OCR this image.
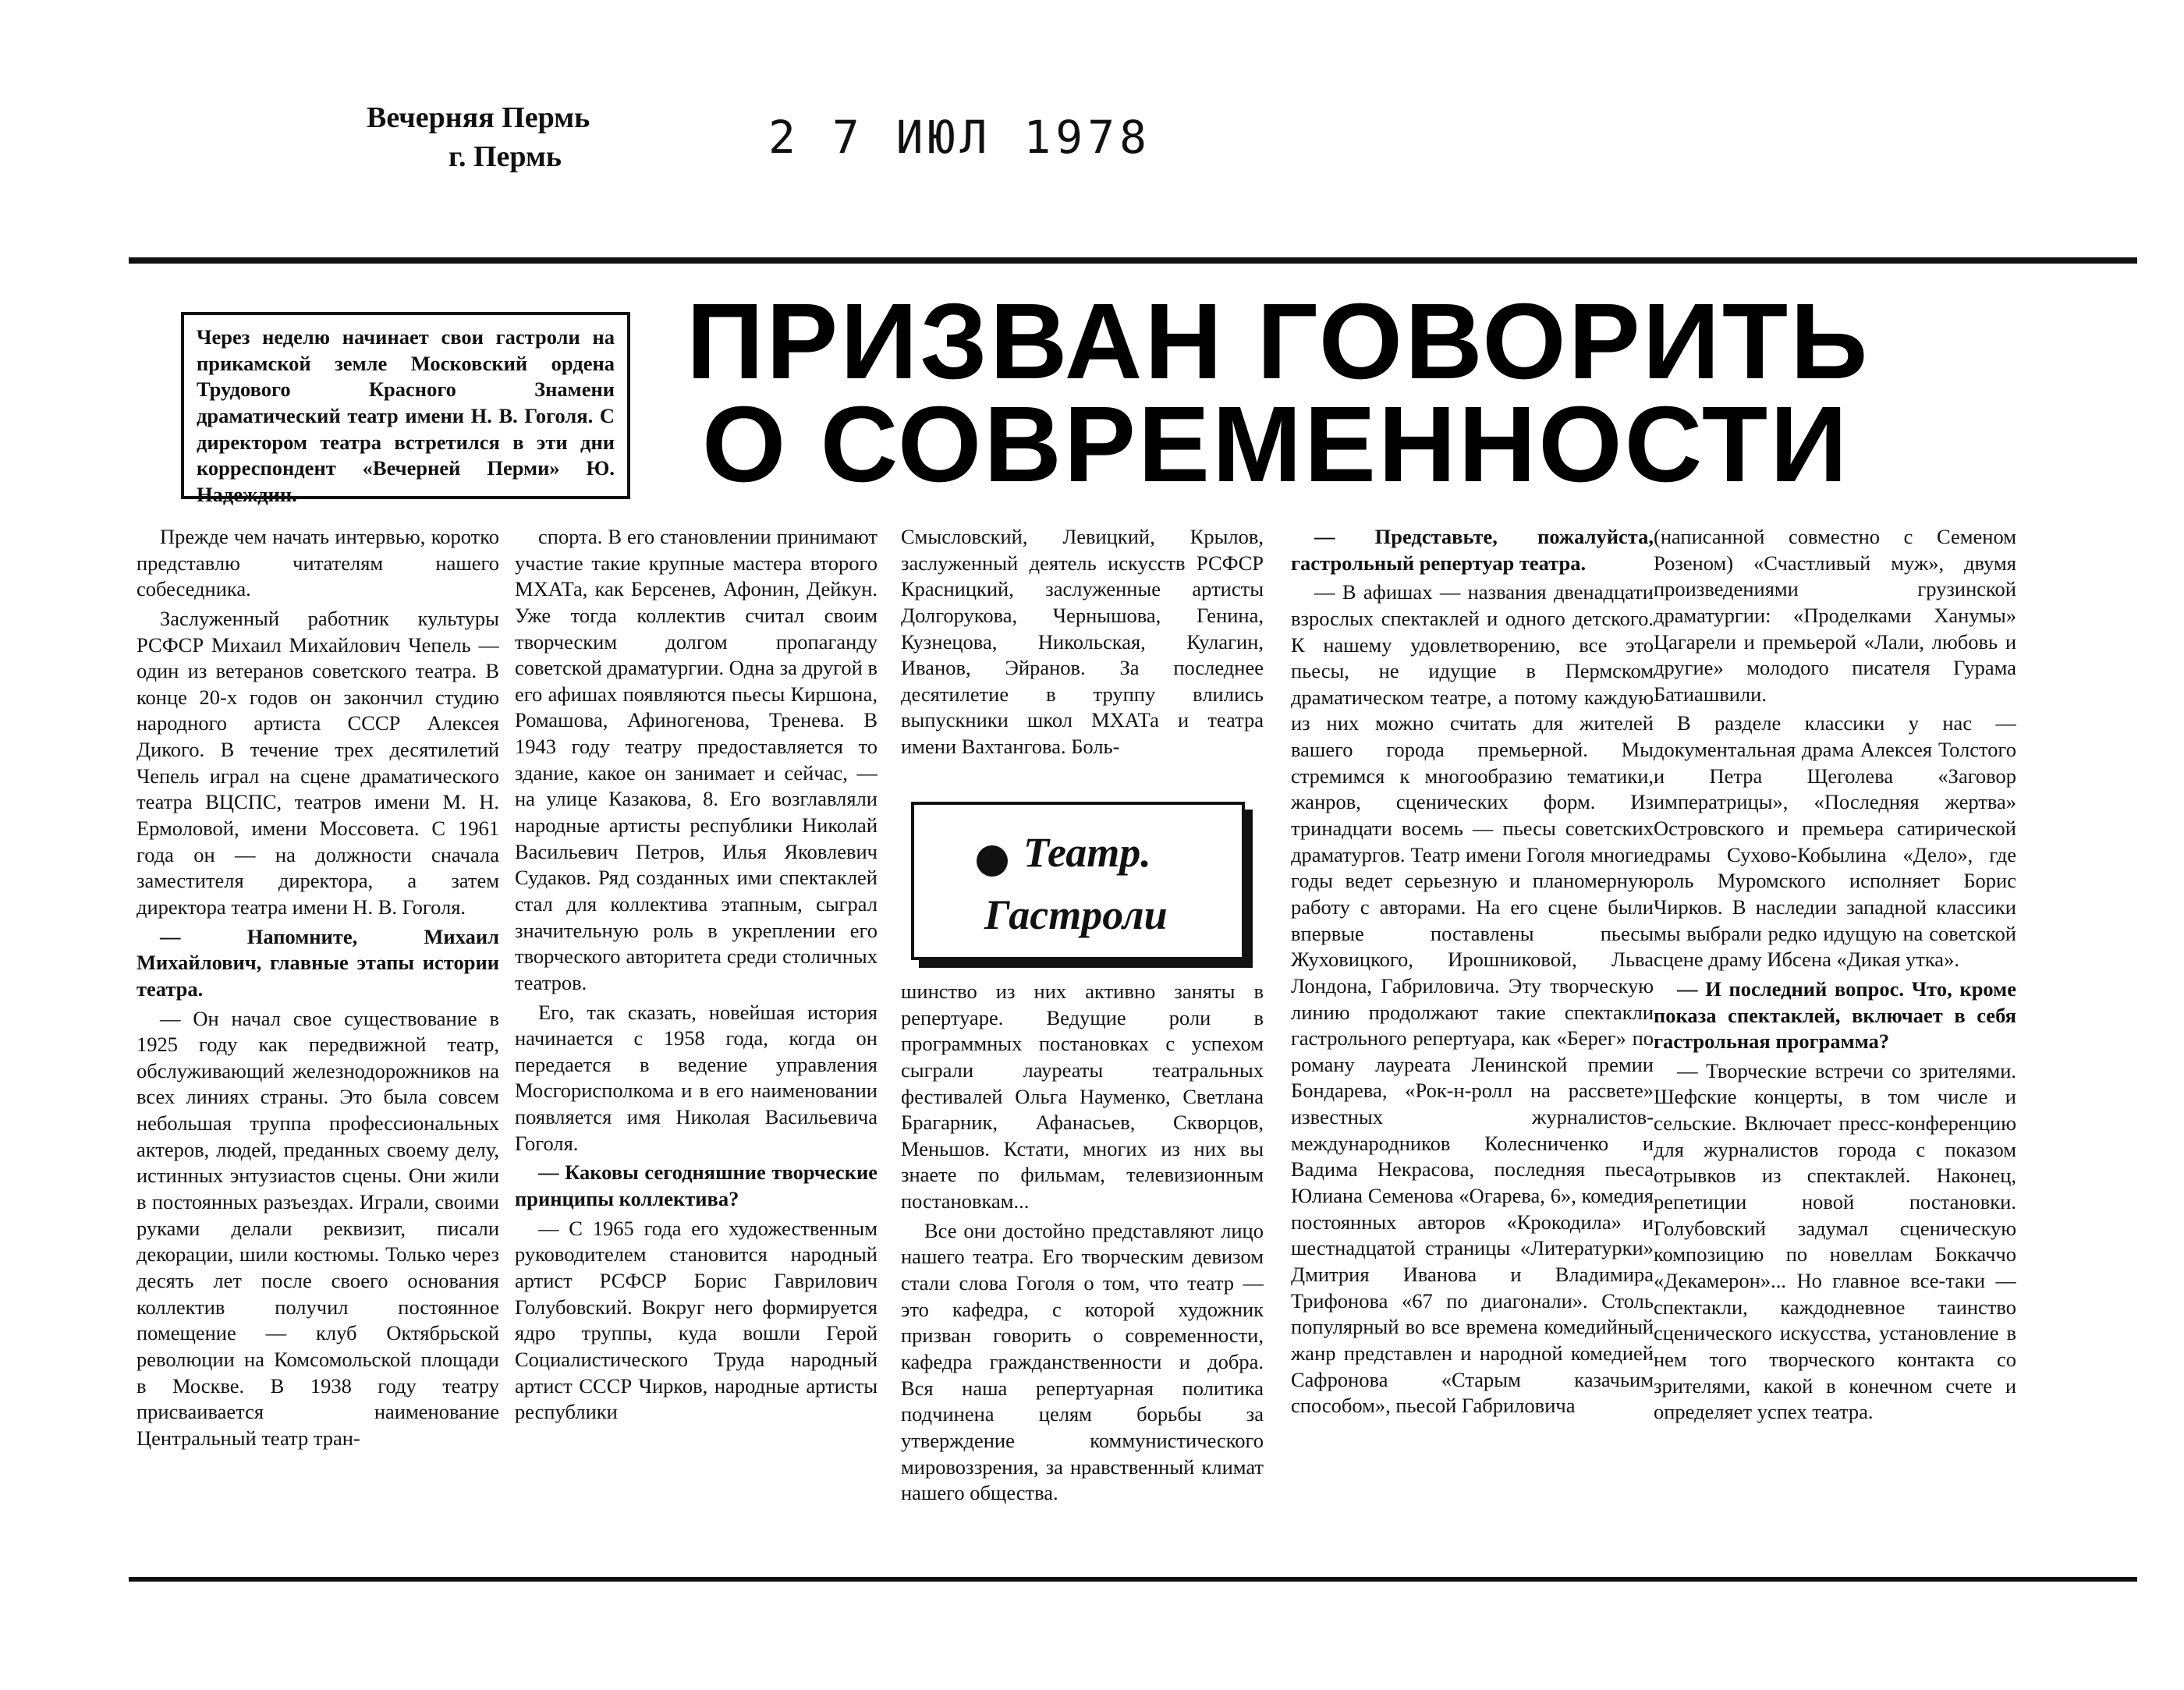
Вечерняя Пермь
г. Пермь	2 7 ИЮЛ 1978
Через неделю начинает свои гастроли на прикамской земле Московский ордена Трудового Красного Знамени драматический театр имени Н. В. Гоголя. С директором театра встретился в эти дни корреспондент «Вечерней Перми» Ю. Надеждин.
ПРИЗВАН ГОВОРИТЬ
О СОВРЕМЕННОСТИ

Прежде чем начать интервью, коротко представлю читателям нашего собеседника.

Заслуженный работник культуры РСФСР Михаил Михайлович Чепель — один из ветеранов советского театра. В конце 20-х годов он закончил студию народного артиста СССР Алексея Дикого. В течение трех десятилетий Чепель играл на сцене драматического театра ВЦСПС, театров имени М. Н. Ермоловой, имени Моссовета. С 1961 года он — на должности сначала заместителя директора, а затем директора театра имени Н. В. Гоголя.

— Напомните, Михаил Михайлович, главные этапы истории театра.

— Он начал свое существование в 1925 году как передвижной театр, обслуживающий железнодорожников на всех линиях страны. Это была совсем небольшая труппа профессиональных актеров, людей, преданных своему делу, истинных энтузиастов сцены. Они жили в постоянных разъездах. Играли, своими руками делали реквизит, писали декорации, шили костюмы. Только через десять лет после своего основания коллектив получил постоянное помещение — клуб Октябрьской революции на Комсомольской площади в Москве. В 1938 году театру присваивается наименование Центральный театр тран-

спорта. В его становлении принимают участие такие крупные мастера второго МХАТа, как Берсенев, Афонин, Дейкун. Уже тогда коллектив считал своим творческим долгом пропаганду советской драматургии. Одна за другой в его афишах появляются пьесы Киршона, Ромашова, Афиногенова, Тренева. В 1943 году театру предоставляется то здание, какое он занимает и сейчас, — на улице Казакова, 8. Его возглавляли народные артисты республики Николай Васильевич Петров, Илья Яковлевич Судаков. Ряд созданных ими спектаклей стал для коллектива этапным, сыграл значительную роль в укреплении его творческого авторитета среди столичных театров.

Его, так сказать, новейшая история начинается с 1958 года, когда он передается в ведение управления Мосгорисполкома и в его наименовании появляется имя Николая Васильевича Гоголя.

— Каковы сегодняшние творческие принципы коллектива?

— С 1965 года его художественным руководителем становится народный артист РСФСР Борис Гаврилович Голубовский. Вокруг него формируется ядро труппы, куда вошли Герой Социалистического Труда народный артист СССР Чирков, народные артисты республики

Смысловский, Левицкий, Крылов, заслуженный деятель искусств РСФСР Красницкий, заслуженные артисты Долгорукова, Чернышова, Генина, Кузнецова, Никольская, Кулагин, Иванов, Эйранов. За последнее десятилетие в труппу влились выпускники школ МХАТа и театра имени Вахтангова. Боль-

Театр.
Гастроли

шинство из них активно заняты в репертуаре. Ведущие роли в программных постановках с успехом сыграли лауреаты театральных фестивалей Ольга Науменко, Светлана Брагарник, Афанасьев, Скворцов, Меньшов. Кстати, многих из них вы знаете по фильмам, телевизионным постановкам...

Все они достойно представляют лицо нашего театра. Его творческим девизом стали слова Гоголя о том, что театр — это кафедра, с которой художник призван говорить о современности, кафедра гражданственности и добра. Вся наша репертуарная политика подчинена целям борьбы за утверждение коммунистического мировоззрения, за нравственный климат нашего общества.

— Представьте, пожалуйста, гастрольный репертуар театра.

— В афишах — названия двенадцати взрослых спектаклей и одного детского. К нашему удовлетворению, все это пьесы, не идущие в Пермском драматическом театре, а потому каждую из них можно считать для жителей вашего города премьерной. Мы стремимся к многообразию тематики, жанров, сценических форм. Из тринадцати восемь — пьесы советских драматургов. Театр имени Гоголя многие годы ведет серьезную и планомерную работу с авторами. На его сцене были впервые поставлены пьесы Жуховицкого, Ирошниковой, Льва Лондона, Габриловича. Эту творческую линию продолжают такие спектакли гастрольного репертуара, как «Берег» по роману лауреата Ленинской премии Бондарева, «Рок-н-ролл на рассвете» известных журналистов-международников Колесниченко и Вадима Некрасова, последняя пьеса Юлиана Семенова «Огарева, 6», комедия постоянных авторов «Крокодила» и шестнадцатой страницы «Литературки» Дмитрия Иванова и Владимира Трифонова «67 по диагонали». Столь популярный во все времена комедийный жанр представлен и народной комедией Сафронова «Старым казачьим способом», пьесой Габриловича

(написанной совместно с Семеном Розеном) «Счастливый муж», двумя произведениями грузинской драматургии: «Проделками Ханумы» Цагарели и премьерой «Лали, любовь и другие» молодого писателя Гурама Батиашвили.

В разделе классики у нас — документальная драма Алексея Толстого и Петра Щеголева «Заговор императрицы», «Последняя жертва» Островского и премьера сатирической драмы Сухово-Кобылина «Дело», где роль Муромского исполняет Борис Чирков. В наследии западной классики мы выбрали редко идущую на советской сцене драму Ибсена «Дикая утка».

— И последний вопрос. Что, кроме показа спектаклей, включает в себя гастрольная программа?

— Творческие встречи со зрителями. Шефские концерты, в том числе и сельские. Включает пресс-конференцию для журналистов города с показом отрывков из спектаклей. Наконец, репетиции новой постановки. Голубовский задумал сценическую композицию по новеллам Боккаччо «Декамерон»... Но главное все-таки — спектакли, каждодневное таинство сценического искусства, установление в нем того творческого контакта со зрителями, какой в конечном счете и определяет успех театра.
